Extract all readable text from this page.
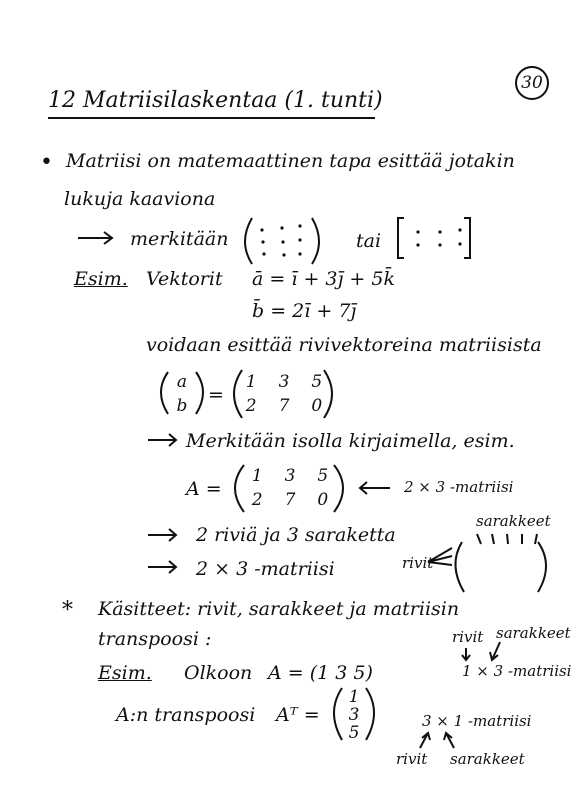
30
12 Matriisilaskentaa (1. tunti)
• Matriisi on matemaattinen tapa esittää jotakin
lukuja kaaviona
merkitään	tai
Esim. Vektorit ā = ī + 3j̄ + 5k̄
b̄ = 2ī + 7j̄
voidaan esittää rivivektoreina matriisista
a
b =
1 3 5
2 7 0
Merkitään isolla kirjaimella, esim.
A =
1 3 5
2 7 0
2 × 3 -matriisi
2 riviä ja 3 saraketta
sarakkeet
2 × 3 -matriisi	rivit
* Käsitteet: rivit, sarakkeet ja matriisin
transpoosi :	rivit sarakkeet
Esim. Olkoon A = (1 3 5)	1 × 3 -matriisi
A:n transpoosi Aᵀ =
1
3
5
3 × 1 -matriisi
rivit sarakkeet
